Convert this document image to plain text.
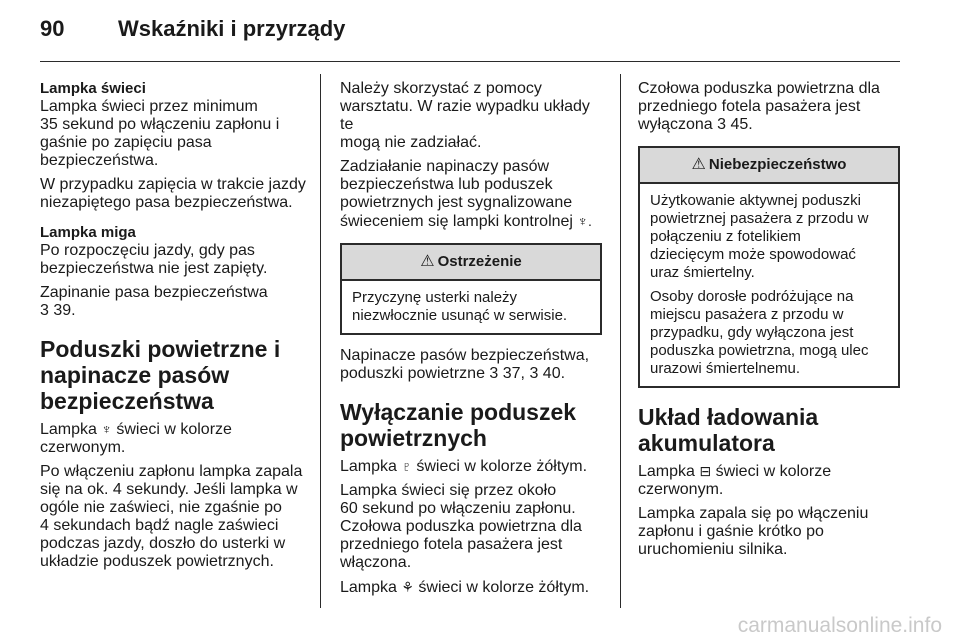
90 Wskaźniki i przyrządy

Lampka świeci

Lampka świeci przez minimum
35 sekund po włączeniu zapłonu i
gaśnie po zapięciu pasa
bezpieczeństwa.

W przypadku zapięcia w trakcie jazdy
niezapiętego pasa bezpieczeństwa.

Lampka miga

Po rozpoczęciu jazdy, gdy pas
bezpieczeństwa nie jest zapięty.

Zapinanie pasa bezpieczeństwa
3 39.

Poduszki powietrzne i
napinacze pasów
bezpieczeństwa

Lampka ♆ świeci w kolorze
czerwonym.

Po włączeniu zapłonu lampka zapala
się na ok. 4 sekundy. Jeśli lampka w
ogóle nie zaświeci, nie zgaśnie po
4 sekundach bądź nagle zaświeci
podczas jazdy, doszło do usterki w
układzie poduszek powietrznych.

Należy skorzystać z pomocy
warsztatu. W razie wypadku układy te
mogą nie zadziałać.

Zadziałanie napinaczy pasów
bezpieczeństwa lub poduszek
powietrznych jest sygnalizowane
świeceniem się lampki kontrolnej ♆.

⚠ Ostrzeżenie

Przyczynę usterki należy
niezwłocznie usunąć w serwisie.

Napinacze pasów bezpieczeństwa,
poduszki powietrzne 3 37, 3 40.

Wyłączanie poduszek
powietrznych

Lampka ♇ świeci w kolorze żółtym.

Lampka świeci się przez około
60 sekund po włączeniu zapłonu.
Czołowa poduszka powietrzna dla
przedniego fotela pasażera jest
włączona.

Lampka ⚘ świeci w kolorze żółtym.

Czołowa poduszka powietrzna dla
przedniego fotela pasażera jest
wyłączona 3 45.

⚠ Niebezpieczeństwo

Użytkowanie aktywnej poduszki
powietrznej pasażera z przodu w
połączeniu z fotelikiem
dziecięcym może spowodować
uraz śmiertelny.

Osoby dorosłe podróżujące na
miejscu pasażera z przodu w
przypadku, gdy wyłączona jest
poduszka powietrzna, mogą ulec
urazowi śmiertelnemu.

Układ ładowania
akumulatora

Lampka ⊟ świeci w kolorze
czerwonym.

Lampka zapala się po włączeniu
zapłonu i gaśnie krótko po
uruchomieniu silnika.

carmanualsonline.info
